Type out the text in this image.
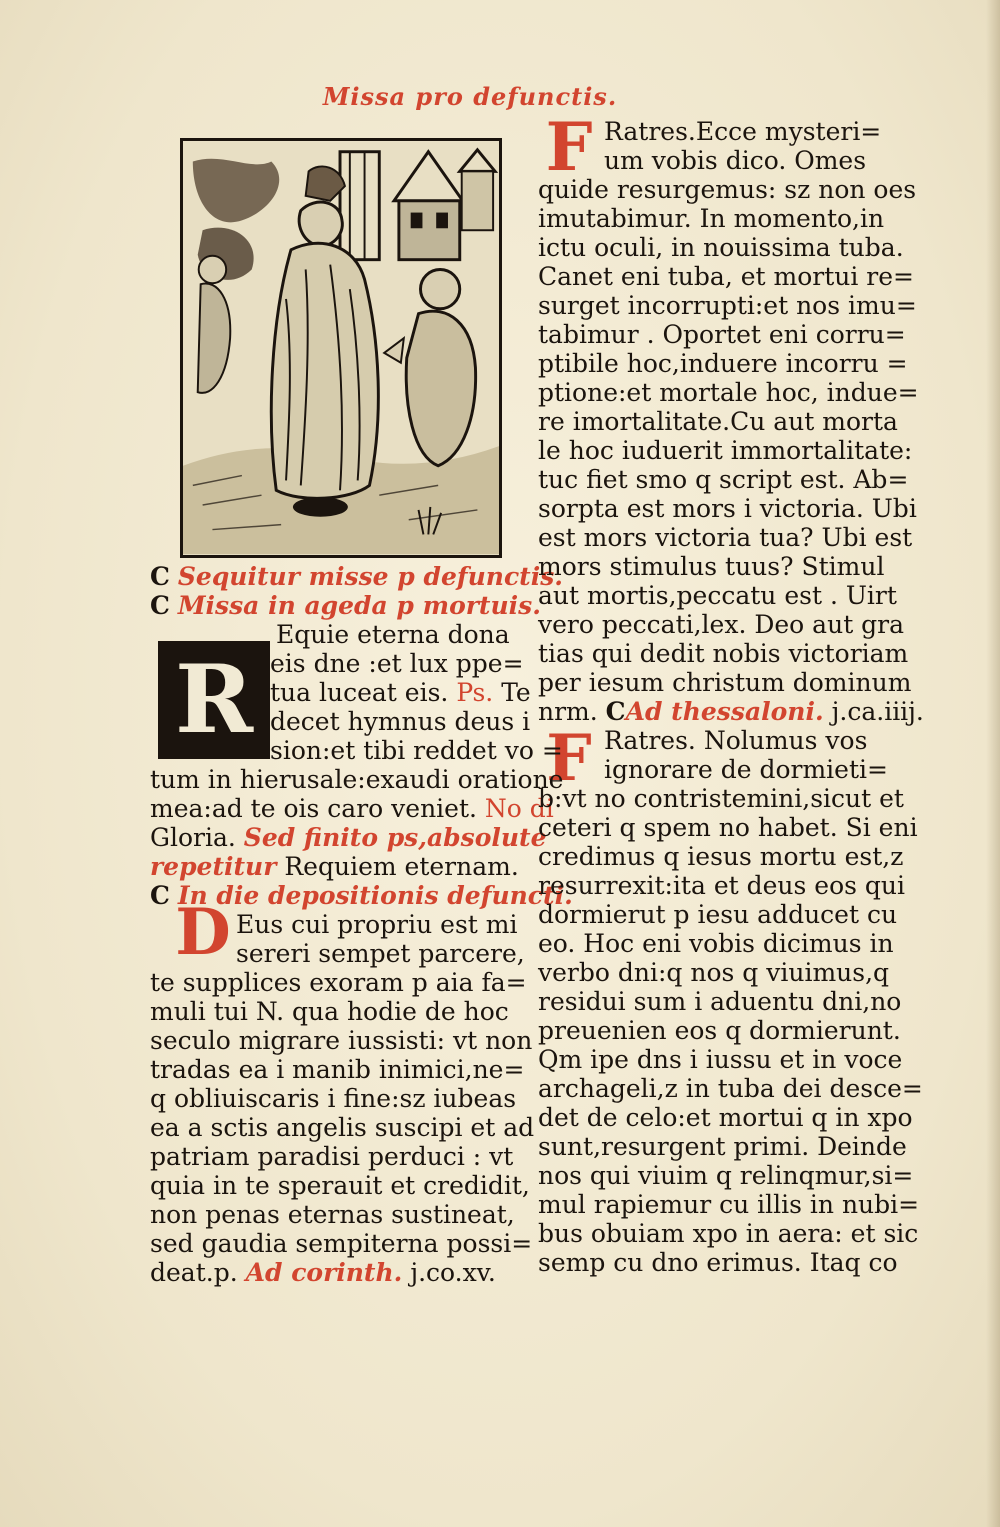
Missa pro defunctis.
R
D
F
F
C Sequitur misse p defunctis.
C Missa in ageda p mortuis.
Equie eterna dona
eis dne :et lux ppe=
tua luceat eis. Ps. Te
decet hymnus deus i
sion:et tibi reddet vo =
tum in hierusale:exaudi oratione
mea:ad te ois caro veniet. No di
Gloria. Sed finito ps,absolute
repetitur Requiem eternam.
C In die depositionis defuncti.
Eus cui propriu est mi
sereri sempet parcere,
te supplices exoram p aia fa=
muli tui N. qua hodie de hoc
seculo migrare iussisti: vt non
tradas ea i manib inimici,ne=
q obliuiscaris i fine:sz iubeas
ea a sctis angelis suscipi et ad
patriam paradisi perduci : vt
quia in te sperauit et credidit,
non penas eternas sustineat,
sed gaudia sempiterna possi=
deat.p. Ad corinth. j.co.xv.
Ratres.Ecce mysteri=
um vobis dico. Omes
quide resurgemus: sz non oes
imutabimur. In momento,in
ictu oculi, in nouissima tuba.
Canet eni tuba, et mortui re=
surget incorrupti:et nos imu=
tabimur . Oportet eni corru=
ptibile hoc,induere incorru =
ptione:et mortale hoc, indue=
re imortalitate.Cu aut morta
le hoc iuduerit immortalitate:
tuc fiet smo q script est. Ab=
sorpta est mors i victoria. Ubi
est mors victoria tua? Ubi est
mors stimulus tuus? Stimul
aut mortis,peccatu est . Uirt
vero peccati,lex. Deo aut gra
tias qui dedit nobis victoriam
per iesum christum dominum
nrm. CAd thessaloni. j.ca.iiij.
Ratres. Nolumus vos
ignorare de dormieti=
b:vt no contristemini,sicut et
ceteri q spem no habet. Si eni
credimus q iesus mortu est,z
resurrexit:ita et deus eos qui
dormierut p iesu adducet cu
eo. Hoc eni vobis dicimus in
verbo dni:q nos q viuimus,q
residui sum i aduentu dni,no
preuenien eos q dormierunt.
Qm ipe dns i iussu et in voce
archageli,z in tuba dei desce=
det de celo:et mortui q in xpo
sunt,resurgent primi. Deinde
nos qui viuim q relinqmur,si=
mul rapiemur cu illis in nubi=
bus obuiam xpo in aera: et sic
semp cu dno erimus. Itaq co
